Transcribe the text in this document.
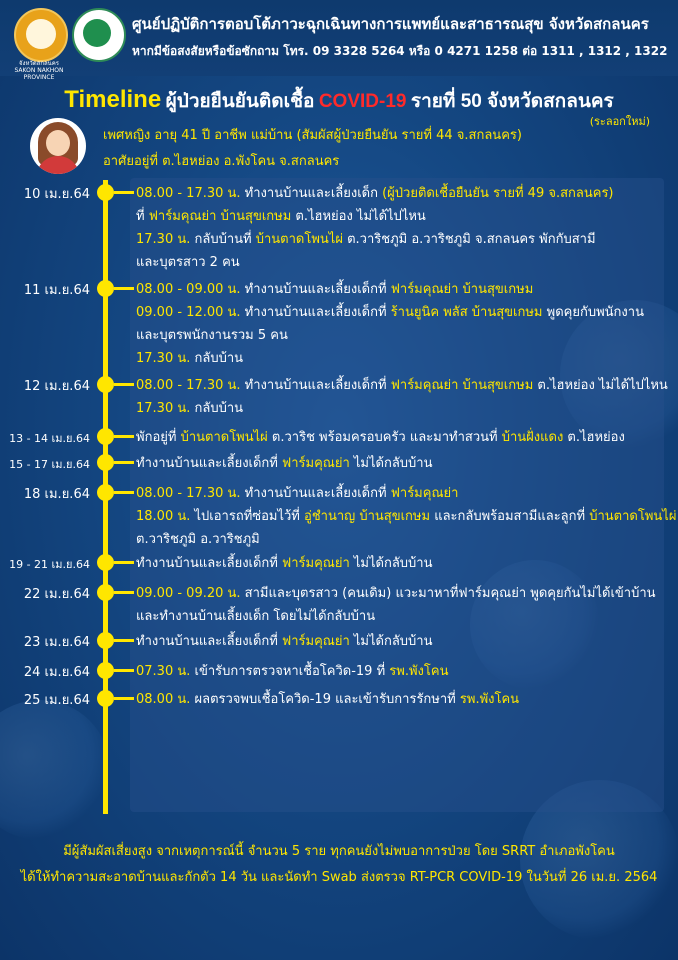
จังหวัดสกลนคร SAKON NAKHON PROVINCE
ศูนย์ปฏิบัติการตอบโต้ภาวะฉุกเฉินทางการแพทย์และสาธารณสุข จังหวัดสกลนคร
หากมีข้อสงสัยหรือข้อซักถาม โทร. 09 3328 5264 หรือ 0 4271 1258 ต่อ 1311 , 1312 , 1322
Timeline ผู้ป่วยยืนยันติดเชื้อ COVID-19 รายที่ 50 จังหวัดสกลนคร
(ระลอกใหม่)
เพศหญิง อายุ 41 ปี อาชีพ แม่บ้าน (สัมผัสผู้ป่วยยืนยัน รายที่ 44 จ.สกลนคร)
อาศัยอยู่ที่ ต.ไฮหย่อง อ.พังโคน จ.สกลนคร
10 เม.ย.64	08.00 - 17.30 น. ทำงานบ้านและเลี้ยงเด็ก (ผู้ป่วยติดเชื้อยืนยัน รายที่ 49 จ.สกลนคร)
ที่ ฟาร์มคุณย่า บ้านสุขเกษม ต.ไฮหย่อง ไม่ได้ไปไหน
17.30 น. กลับบ้านที่ บ้านตาดโพนไผ่ ต.วาริชภูมิ อ.วาริชภูมิ จ.สกลนคร พักกับสามี
และบุตรสาว 2 คน
11 เม.ย.64	08.00 - 09.00 น. ทำงานบ้านและเลี้ยงเด็กที่ ฟาร์มคุณย่า บ้านสุขเกษม
09.00 - 12.00 น. ทำงานบ้านและเลี้ยงเด็กที่ ร้านยูนิค พลัส บ้านสุขเกษม พูดคุยกับพนักงาน
และบุตรพนักงานรวม 5 คน
17.30 น. กลับบ้าน
12 เม.ย.64	08.00 - 17.30 น. ทำงานบ้านและเลี้ยงเด็กที่ ฟาร์มคุณย่า บ้านสุขเกษม ต.ไฮหย่อง ไม่ได้ไปไหน
17.30 น. กลับบ้าน
13 - 14 เม.ย.64	พักอยู่ที่ บ้านตาดโพนไผ่ ต.วาริช พร้อมครอบครัว และมาทำสวนที่ บ้านฝั่งแดง ต.ไฮหย่อง
15 - 17 เม.ย.64	ทำงานบ้านและเลี้ยงเด็กที่ ฟาร์มคุณย่า ไม่ได้กลับบ้าน
18 เม.ย.64	08.00 - 17.30 น. ทำงานบ้านและเลี้ยงเด็กที่ ฟาร์มคุณย่า
18.00 น. ไปเอารถที่ซ่อมไว้ที่ อู่ชำนาญ บ้านสุขเกษม และกลับพร้อมสามีและลูกที่ บ้านตาดโพนไผ่
ต.วาริชภูมิ อ.วาริชภูมิ
19 - 21 เม.ย.64	ทำงานบ้านและเลี้ยงเด็กที่ ฟาร์มคุณย่า ไม่ได้กลับบ้าน
22 เม.ย.64	09.00 - 09.20 น. สามีและบุตรสาว (คนเดิม) แวะมาหาที่ฟาร์มคุณย่า พูดคุยกันไม่ได้เข้าบ้าน
และทำงานบ้านเลี้ยงเด็ก โดยไม่ได้กลับบ้าน
23 เม.ย.64	ทำงานบ้านและเลี้ยงเด็กที่ ฟาร์มคุณย่า ไม่ได้กลับบ้าน
24 เม.ย.64	07.30 น. เข้ารับการตรวจหาเชื้อโควิด-19 ที่ รพ.พังโคน
25 เม.ย.64	08.00 น. ผลตรวจพบเชื้อโควิด-19 และเข้ารับการรักษาที่ รพ.พังโคน
มีผู้สัมผัสเสี่ยงสูง จากเหตุการณ์นี้ จำนวน 5 ราย ทุกคนยังไม่พบอาการป่วย โดย SRRT อำเภอพังโคน
ได้ให้ทำความสะอาดบ้านและกักตัว 14 วัน และนัดทำ Swab ส่งตรวจ RT-PCR COVID-19 ในวันที่ 26 เม.ย. 2564
